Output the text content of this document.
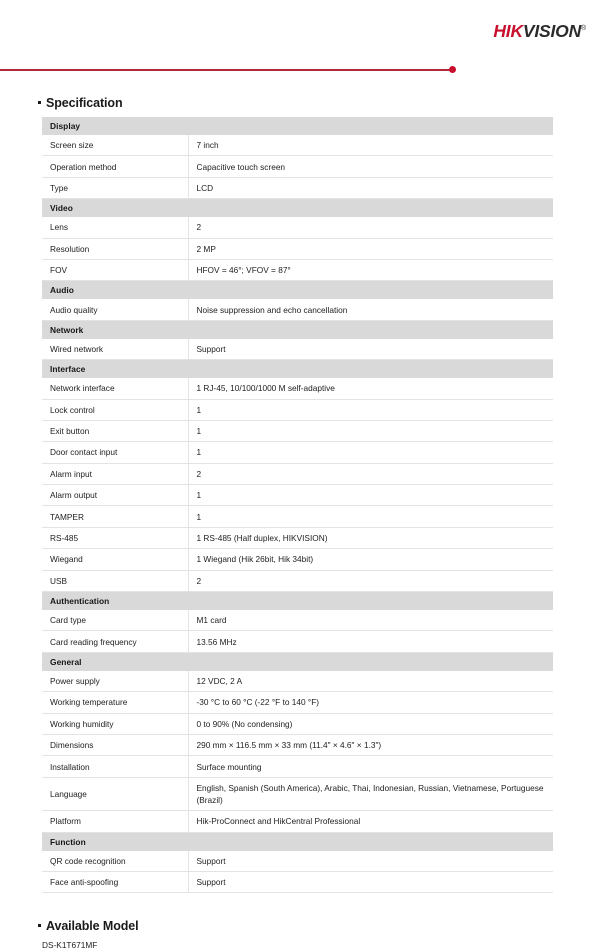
HIKVISION®
Specification
Display	
Screen size	7 inch
Operation method	Capacitive touch screen
Type	LCD
Video	
Lens	2
Resolution	2 MP
FOV	HFOV = 46°; VFOV = 87°
Audio	
Audio quality	Noise suppression and echo cancellation
Network	
Wired network	Support
Interface	
Network interface	1 RJ-45, 10/100/1000 M self-adaptive
Lock control	1
Exit button	1
Door contact input	1
Alarm input	2
Alarm output	1
TAMPER	1
RS-485	1 RS-485 (Half duplex, HIKVISION)
Wiegand	1 Wiegand (Hik 26bit, Hik 34bit)
USB	2
Authentication	
Card type	M1 card
Card reading frequency	13.56 MHz
General	
Power supply	12 VDC, 2 A
Working temperature	-30 °C to 60 °C (-22 °F to 140 °F)
Working humidity	0 to 90% (No condensing)
Dimensions	290 mm × 116.5 mm × 33 mm (11.4" × 4.6" × 1.3")
Installation	Surface mounting
Language	English, Spanish (South America), Arabic, Thai, Indonesian, Russian, Vietnamese, Portuguese (Brazil)
Platform	Hik-ProConnect and HikCentral Professional
Function	
QR code recognition	Support
Face anti-spoofing	Support
Available Model
DS-K1T671MF
